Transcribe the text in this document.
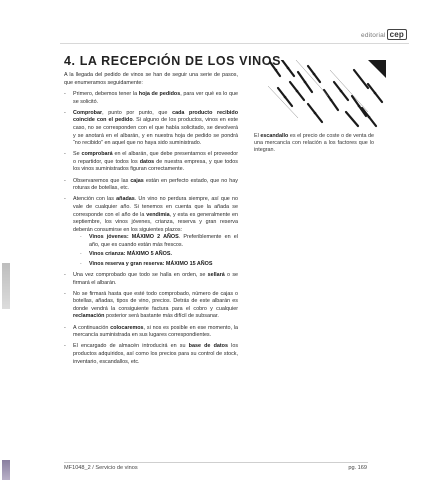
editorial cep
4. LA RECEPCIÓN DE LOS VINOS

A la llegada del pedido de vinos se han de seguir una serie de pasos, que enumeramos seguidamente:

- Primero, debemos tener la hoja de pedidos, para ver qué es lo que se solicitó.
- Comprobar, punto por punto, que cada producto recibido coincide con el pedido. Si alguno de los productos, vinos en este caso, no se corresponden con el que había solicitado, se devolverá y se anotará en el albarán, y en nuestra hoja de pedido se pondrá “no recibido” en aquel que no haya sido suministrado.
- Se comprobará en el albarán, que debe presentarnos el proveedor o repartidor, que todos los datos de nuestra empresa, y que todos los vinos suministrados figuran correctamente.
- Observaremos que las cajas están en perfecto estado, que no hay roturas de botellas, etc.
- Atención con las añadas. Un vino no perdura siempre, así que no vale de cualquier año. Si tenemos en cuenta que la añada se corresponde con el año de la vendimia, y esta es generalmente en septiembre, los vinos jóvenes, crianza, reserva y gran reserva deberán consumirse en los siguientes plazos:
· Vinos jóvenes: MÁXIMO 2 AÑOS. Preferiblemente en el año, que es cuando están más frescos.
· Vinos crianza: MÁXIMO 5 AÑOS.
· Vinos reserva y gran reserva: MÁXIMO 15 AÑOS
- Una vez comprobado que todo se halla en orden, se sellará o se firmará el albarán.
- No se firmará hasta que esté todo comprobado, número de cajas o botellas, añadas, tipos de vino, precios. Detrás de este albarán es donde vendrá la consiguiente factura para el cobro y cualquier reclamación posterior será bastante más difícil de subsanar.
- A continuación colocaremos, si nos es posible en ese momento, la mercancía suministrada en sus lugares correspondientes.
- El encargado de almacén introducirá en su base de datos los productos adquiridos, así como los precios para su control de stock, inventario, escandallos, etc.
El escandallo es el precio de coste o de venta de una mercancía con relación a los factores que lo integran.
MF1048_2 / Servicio de vinos	pg. 169
